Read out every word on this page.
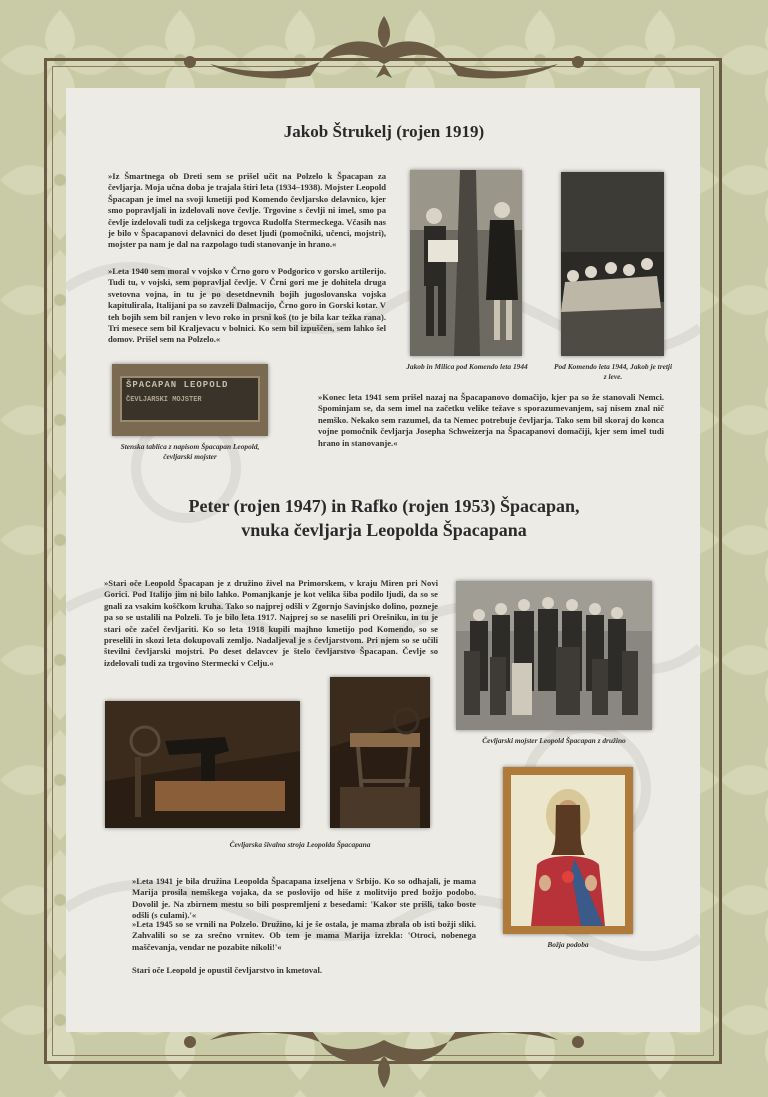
Jakob Štrukelj (rojen 1919)
»Iz Šmartnega ob Dreti sem se prišel učit na Polzelo k Špacapan za čevljarja. Moja učna doba je trajala štiri leta (1934–1938). Mojster Leopold Špacapan je imel na svoji kmetiji pod Komendo čevljarsko delavnico, kjer smo popravljali in izdelovali nove čevlje. Trgovine s čevlji ni imel, smo pa čevlje izdelovali tudi za celjskega trgovca Rudolfa Stermeckega. Včasih nas je bilo v Špacapanovi delavnici do deset ljudi (pomočniki, učenci, mojstri), mojster pa nam je dal na razpolago tudi stanovanje in hrano.«
»Leta 1940 sem moral v vojsko v Črno goro v Podgorico v gorsko artilerijo. Tudi tu, v vojski, sem popravljal čevlje. V Črni gori me je dohitela druga svetovna vojna, in tu je po desetdnevnih bojih jugoslovanska vojska kapitulirala, Italijani pa so zavzeli Dalmacijo, Črno goro in Gorski kotar. V teh bojih sem bil ranjen v levo roko in prsni koš (to je bila kar težka rana). Tri mesece sem bil Kraljevacu v bolnici. Ko sem bil izpuščen, sem lahko šel domov. Prišel sem na Polzelo.«
Jakob in Milica pod Komendo leta 1944	Pod Komendo leta 1944, Jakob je tretji z leve.
ŠPACAPAN LEOPOLD
ČEVLJARSKI MOJSTER
Stenska tablica z napisom Špacapan Leopold, čevljarski mojster
»Konec leta 1941 sem prišel nazaj na Špacapanovo domačijo, kjer pa so že stanovali Nemci. Spominjam se, da sem imel na začetku velike težave s sporazumevanjem, saj nisem znal nič nemško. Nekako sem razumel, da ta Nemec potrebuje čevljarja. Tako sem bil skoraj do konca vojne pomočnik čevljarja Josepha Schweizerja na Špacapanovi domačiji, kjer sem imel tudi hrano in stanovanje.«
Peter (rojen 1947) in Rafko (rojen 1953) Špacapan,
vnuka čevljarja Leopolda Špacapana
»Stari oče Leopold Špacapan je z družino živel na Primorskem, v kraju Miren pri Novi Gorici. Pod Italijo jim ni bilo lahko. Pomanjkanje je kot velika šiba podilo ljudi, da so se gnali za vsakim koščkom kruha. Tako so najprej odšli v Zgornjo Savinjsko dolino, pozneje pa so se ustalili na Polzeli. To je bilo leta 1917. Najprej so se naselili pri Orešniku, in tu je stari oče začel čevljariti. Ko so leta 1918 kupili majhno kmetijo pod Komendo, so se preselili in skozi leta dokupovali zemljo. Nadaljeval je s čevljarstvom. Pri njem so se učili številni čevljarski mojstri. Po deset delavcev je štelo čevljarstvo Špacapan. Čevlje so izdelovali tudi za trgovino Stermecki v Celju.«
Čevljarski mojster Leopold Špacapan z družino
Čevljarska šivalna stroja Leopolda Špacapana
Božja podoba
»Leta 1941 je bila družina Leopolda Špacapana izseljena v Srbijo. Ko so odhajali, je mama Marija prosila nemškega vojaka, da se poslovijo od hiše z molitvijo pred božjo podobo. Dovolil je. Na zbirnem mestu so bili pospremljeni z besedami: 'Kakor ste prišli, tako boste odšli (s culami).'«
»Leta 1945 so se vrnili na Polzelo. Družino, ki je še ostala, je mama zbrala ob isti božji sliki. Zahvalili so se za srečno vrnitev. Ob tem je mama Marija izrekla: 'Otroci, nobenega maščevanja, vendar ne pozabite nikoli!'«
Stari oče Leopold je opustil čevljarstvo in kmetoval.
